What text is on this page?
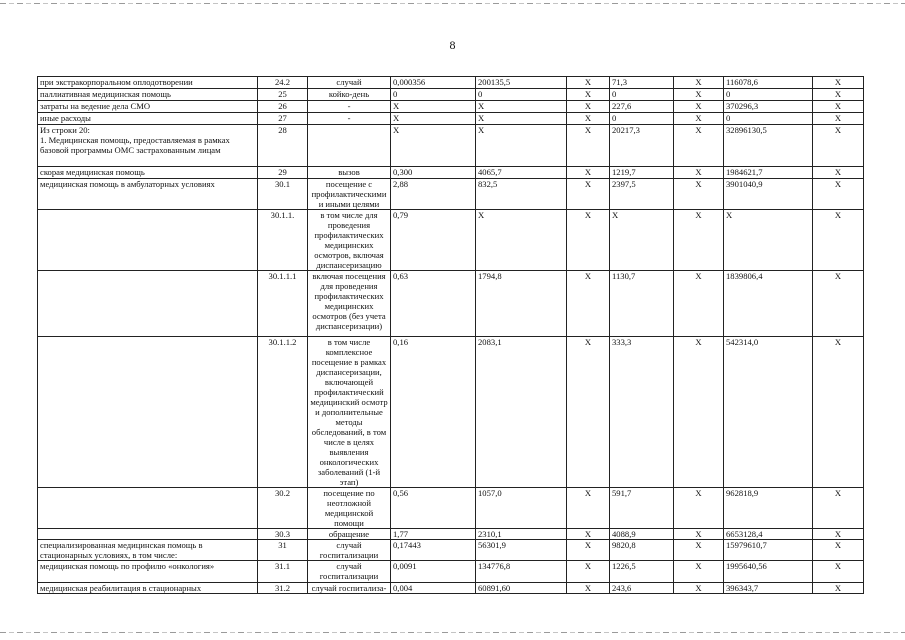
8
при экстракорпоральном оплодотворении	24.2	случай	0,000356	200135,5	X	71,3	X	116078,6	X
паллиативная медицинская помощь	25	койко-день	0	0	X	0	X	0	X
затраты на ведение дела СМО	26	-	X	X	X	227,6	X	370296,3	X
иные расходы	27	-	X	X	X	0	X	0	X
Из строки 20:
1. Медицинская помощь, предоставляемая в рамках базовой программы ОМС застрахованным лицам	28		X	X	X	20217,3	X	32896130,5	X
скорая медицинская помощь	29	вызов	0,300	4065,7	X	1219,7	X	1984621,7	X
медицинская помощь в амбулаторных условиях	30.1	посещение с профилактическими и иными целями	2,88	832,5	X	2397,5	X	3901040,9	X
	30.1.1.	в том числе для проведения профилактических медицинских осмотров, включая диспансеризацию	0,79	X	X	X	X	X	X
	30.1.1.1	включая посещения для проведения профилактических медицинских осмотров (без учета диспансеризации)	0,63	1794,8	X	1130,7	X	1839806,4	X
	30.1.1.2	в том числе комплексное посещение в рамках диспансеризации, включающей профилактический медицинский осмотр и дополнительные методы обследований, в том числе в целях выявления онкологических заболеваний (1-й этап)	0,16	2083,1	X	333,3	X	542314,0	X
	30.2	посещение по неотложной медицинской помощи	0,56	1057,0	X	591,7	X	962818,9	X
	30.3	обращение	1,77	2310,1	X	4088,9	X	6653128,4	X
специализированная медицинская помощь в стационарных условиях, в том числе:	31	случай госпитализации	0,17443	56301,9	X	9820,8	X	15979610,7	X
медицинская помощь по профилю «онкология»	31.1	случай госпитализации	0,0091	134776,8	X	1226,5	X	1995640,56	X
медицинская реабилитация в стационарных	31.2	случай госпитализа-	0,004	60891,60	X	243,6	X	396343,7	X
